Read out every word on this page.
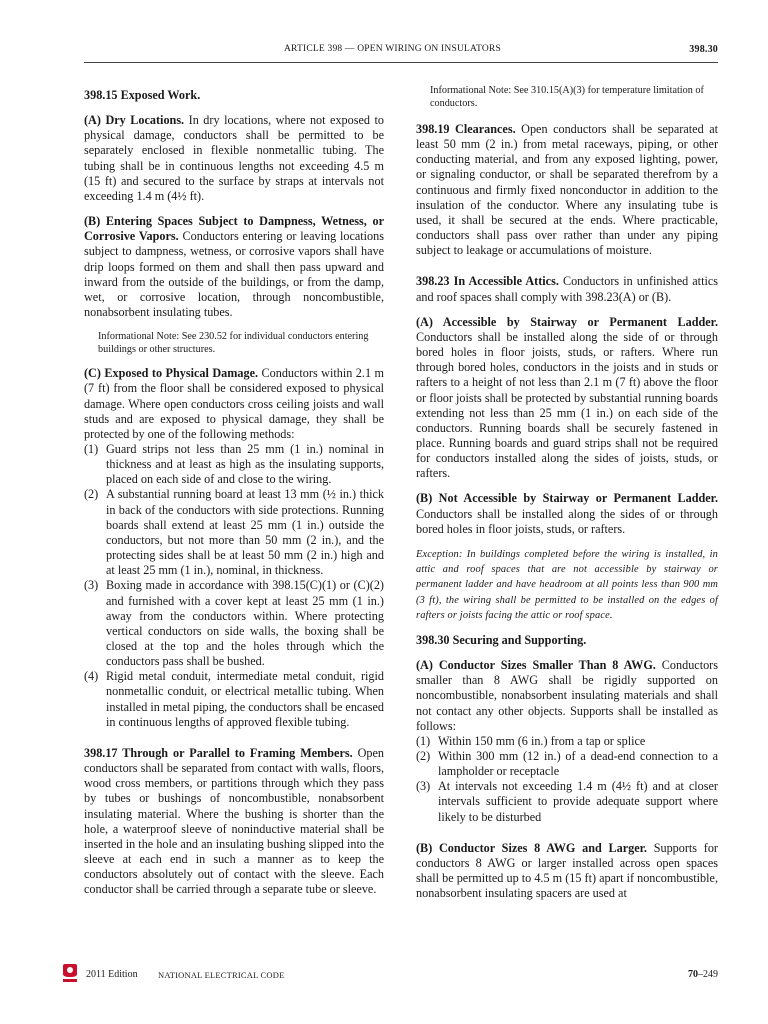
ARTICLE 398 — OPEN WIRING ON INSULATORS	398.30

398.15 Exposed Work.

(A) Dry Locations. In dry locations, where not exposed to physical damage, conductors shall be permitted to be separately enclosed in flexible nonmetallic tubing. The tubing shall be in continuous lengths not exceeding 4.5 m (15 ft) and secured to the surface by straps at intervals not exceeding 1.4 m (4½ ft).

(B) Entering Spaces Subject to Dampness, Wetness, or Corrosive Vapors. Conductors entering or leaving locations subject to dampness, wetness, or corrosive vapors shall have drip loops formed on them and shall then pass upward and inward from the outside of the buildings, or from the damp, wet, or corrosive location, through noncombustible, nonabsorbent insulating tubes.

Informational Note: See 230.52 for individual conductors entering buildings or other structures.

(C) Exposed to Physical Damage. Conductors within 2.1 m (7 ft) from the floor shall be considered exposed to physical damage. Where open conductors cross ceiling joists and wall studs and are exposed to physical damage, they shall be protected by one of the following methods:

(1) Guard strips not less than 25 mm (1 in.) nominal in thickness and at least as high as the insulating supports, placed on each side of and close to the wiring.
(2) A substantial running board at least 13 mm (½ in.) thick in back of the conductors with side protections. Running boards shall extend at least 25 mm (1 in.) outside the conductors, but not more than 50 mm (2 in.), and the protecting sides shall be at least 50 mm (2 in.) high and at least 25 mm (1 in.), nominal, in thickness.
(3) Boxing made in accordance with 398.15(C)(1) or (C)(2) and furnished with a cover kept at least 25 mm (1 in.) away from the conductors within. Where protecting vertical conductors on side walls, the boxing shall be closed at the top and the holes through which the conductors pass shall be bushed.
(4) Rigid metal conduit, intermediate metal conduit, rigid nonmetallic conduit, or electrical metallic tubing. When installed in metal piping, the conductors shall be encased in continuous lengths of approved flexible tubing.

398.17 Through or Parallel to Framing Members. Open conductors shall be separated from contact with walls, floors, wood cross members, or partitions through which they pass by tubes or bushings of noncombustible, nonabsorbent insulating material. Where the bushing is shorter than the hole, a waterproof sleeve of noninductive material shall be inserted in the hole and an insulating bushing slipped into the sleeve at each end in such a manner as to keep the conductors absolutely out of contact with the sleeve. Each conductor shall be carried through a separate tube or sleeve.

Informational Note: See 310.15(A)(3) for temperature limitation of conductors.

398.19 Clearances. Open conductors shall be separated at least 50 mm (2 in.) from metal raceways, piping, or other conducting material, and from any exposed lighting, power, or signaling conductor, or shall be separated therefrom by a continuous and firmly fixed nonconductor in addition to the insulation of the conductor. Where any insulating tube is used, it shall be secured at the ends. Where practicable, conductors shall pass over rather than under any piping subject to leakage or accumulations of moisture.

398.23 In Accessible Attics. Conductors in unfinished attics and roof spaces shall comply with 398.23(A) or (B).

(A) Accessible by Stairway or Permanent Ladder. Conductors shall be installed along the side of or through bored holes in floor joists, studs, or rafters. Where run through bored holes, conductors in the joists and in studs or rafters to a height of not less than 2.1 m (7 ft) above the floor or floor joists shall be protected by substantial running boards extending not less than 25 mm (1 in.) on each side of the conductors. Running boards shall be securely fastened in place. Running boards and guard strips shall not be required for conductors installed along the sides of joists, studs, or rafters.

(B) Not Accessible by Stairway or Permanent Ladder. Conductors shall be installed along the sides of or through bored holes in floor joists, studs, or rafters.

Exception: In buildings completed before the wiring is installed, in attic and roof spaces that are not accessible by stairway or permanent ladder and have headroom at all points less than 900 mm (3 ft), the wiring shall be permitted to be installed on the edges of rafters or joists facing the attic or roof space.

398.30 Securing and Supporting.

(A) Conductor Sizes Smaller Than 8 AWG. Conductors smaller than 8 AWG shall be rigidly supported on noncombustible, nonabsorbent insulating materials and shall not contact any other objects. Supports shall be installed as follows:

(1) Within 150 mm (6 in.) from a tap or splice
(2) Within 300 mm (12 in.) of a dead-end connection to a lampholder or receptacle
(3) At intervals not exceeding 1.4 m (4½ ft) and at closer intervals sufficient to provide adequate support where likely to be disturbed

(B) Conductor Sizes 8 AWG and Larger. Supports for conductors 8 AWG or larger installed across open spaces shall be permitted up to 4.5 m (15 ft) apart if noncombustible, nonabsorbent insulating spacers are used at

2011 Edition NATIONAL ELECTRICAL CODE	70–249
